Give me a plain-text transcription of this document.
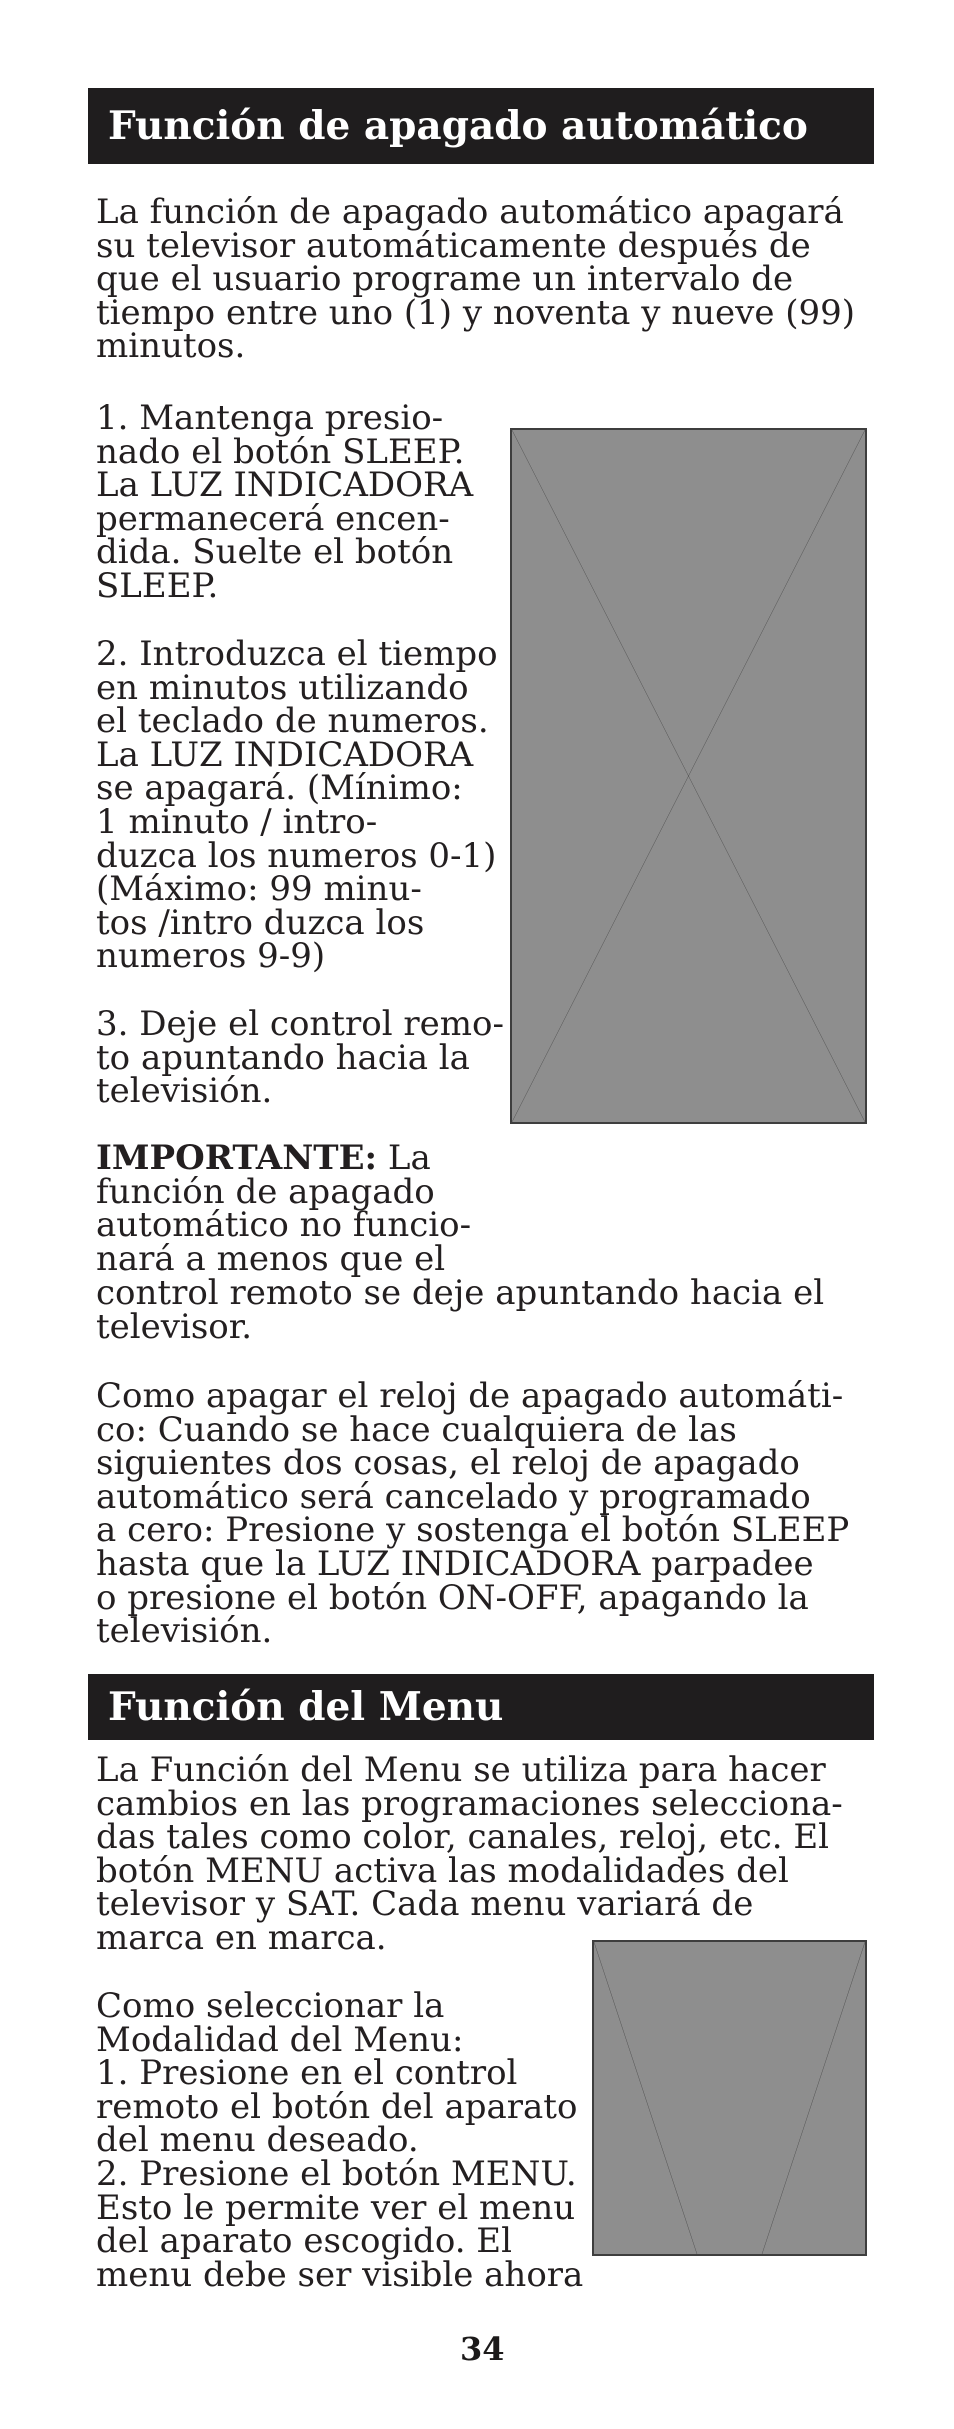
Función de apagado automático

La función de apagado automático apagará
su televisor automáticamente después de
que el usuario programe un intervalo de
tiempo entre uno (1) y noventa y nueve (99)
minutos.

1. Mantenga presio-
nado el botón SLEEP.
La LUZ INDICADORA
permanecerá encen-
dida. Suelte el botón
SLEEP.

2. Introduzca el tiempo
en minutos utilizando
el teclado de numeros.
La LUZ INDICADORA
se apagará. (Mínimo:
1 minuto / intro-
duzca los numeros 0-1)
(Máximo: 99 minu-
tos /intro duzca los
numeros 9-9)

3. Deje el control remo-
to apuntando hacia la
televisión.

IMPORTANTE: La
función de apagado
automático no funcio-
nará a menos que el

control remoto se deje apuntando hacia el
televisor.

Como apagar el reloj de apagado automáti-
co: Cuando se hace cualquiera de las
siguientes dos cosas, el reloj de apagado
automático será cancelado y programado
a cero: Presione y sostenga el botón SLEEP
hasta que la LUZ INDICADORA parpadee
o presione el botón ON-OFF, apagando la
televisión.

Función del Menu

La Función del Menu se utiliza para hacer
cambios en las programaciones selecciona-
das tales como color, canales, reloj, etc. El
botón MENU activa las modalidades del
televisor y SAT. Cada menu variará de
marca en marca.

Como seleccionar la
Modalidad del Menu:
1. Presione en el control
remoto el botón del aparato
del menu deseado.
2. Presione el botón MENU.
Esto le permite ver el menu
del aparato escogido. El
menu debe ser visible ahora

34
